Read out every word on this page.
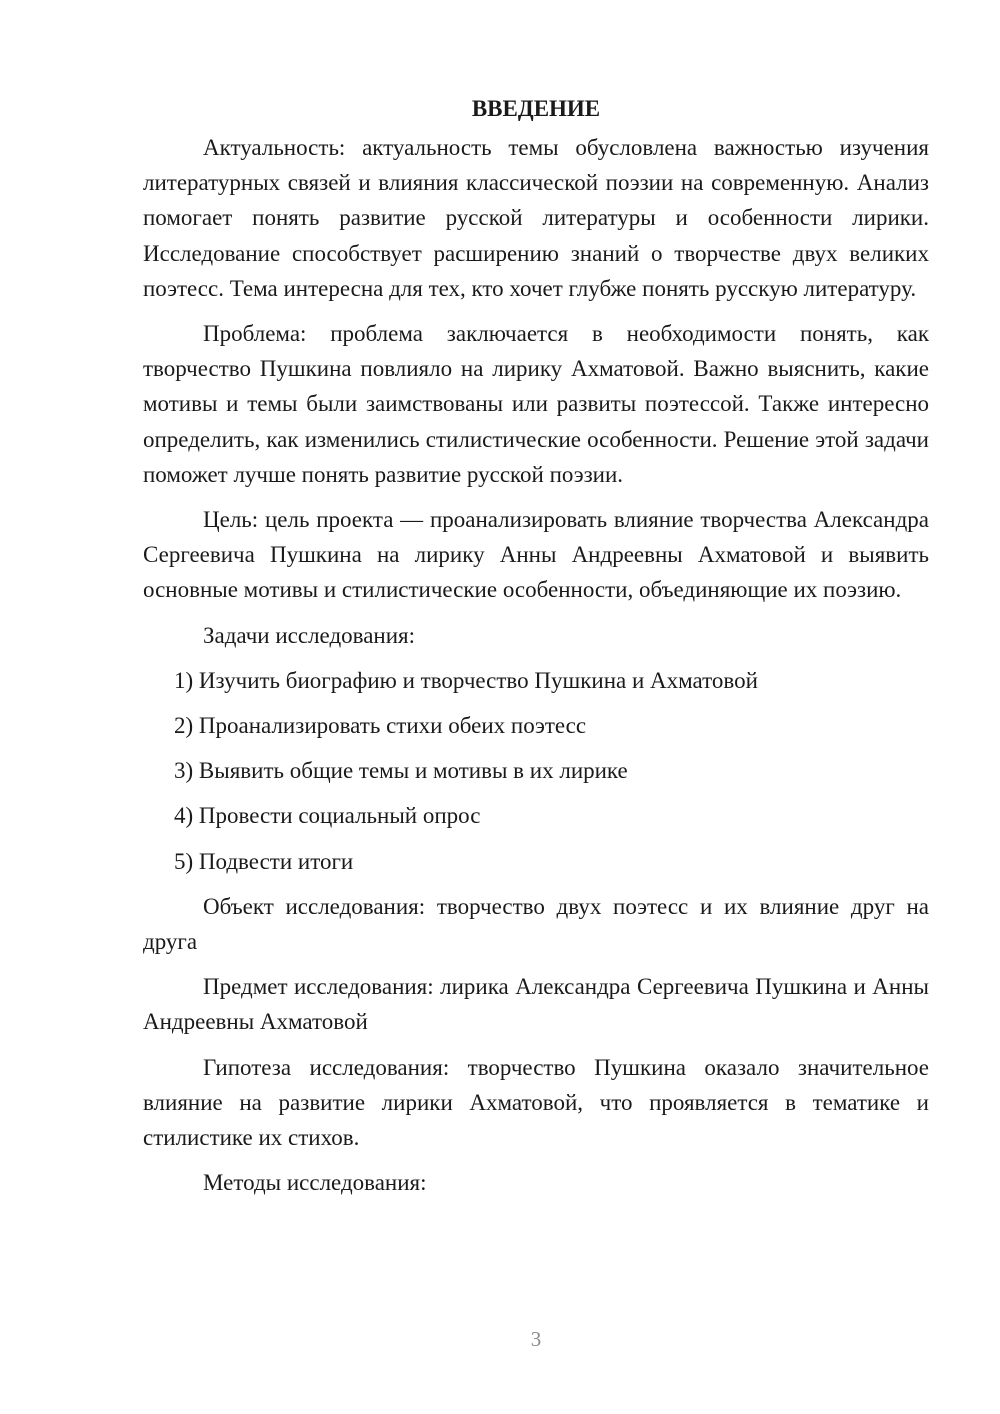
ВВЕДЕНИЕ

Актуальность: актуальность темы обусловлена важностью изучения литературных связей и влияния классической поэзии на современную. Анализ помогает понять развитие русской литературы и особенности лирики. Исследование способствует расширению знаний о творчестве двух великих поэтесс. Тема интересна для тех, кто хочет глубже понять русскую литературу.

Проблема: проблема заключается в необходимости понять, как творчество Пушкина повлияло на лирику Ахматовой. Важно выяснить, какие мотивы и темы были заимствованы или развиты поэтессой. Также интересно определить, как изменились стилистические особенности. Решение этой задачи поможет лучше понять развитие русской поэзии.

Цель: цель проекта — проанализировать влияние творчества Александра Сергеевича Пушкина на лирику Анны Андреевны Ахматовой и выявить основные мотивы и стилистические особенности, объединяющие их поэзию.

Задачи исследования:

1) Изучить биографию и творчество Пушкина и Ахматовой
2) Проанализировать стихи обеих поэтесс
3) Выявить общие темы и мотивы в их лирике
4) Провести социальный опрос
5) Подвести итоги

Объект исследования: творчество двух поэтесс и их влияние друг на друга

Предмет исследования: лирика Александра Сергеевича Пушкина и Анны Андреевны Ахматовой

Гипотеза исследования: творчество Пушкина оказало значительное влияние на развитие лирики Ахматовой, что проявляется в тематике и стилистике их стихов.

Методы исследования:

3
